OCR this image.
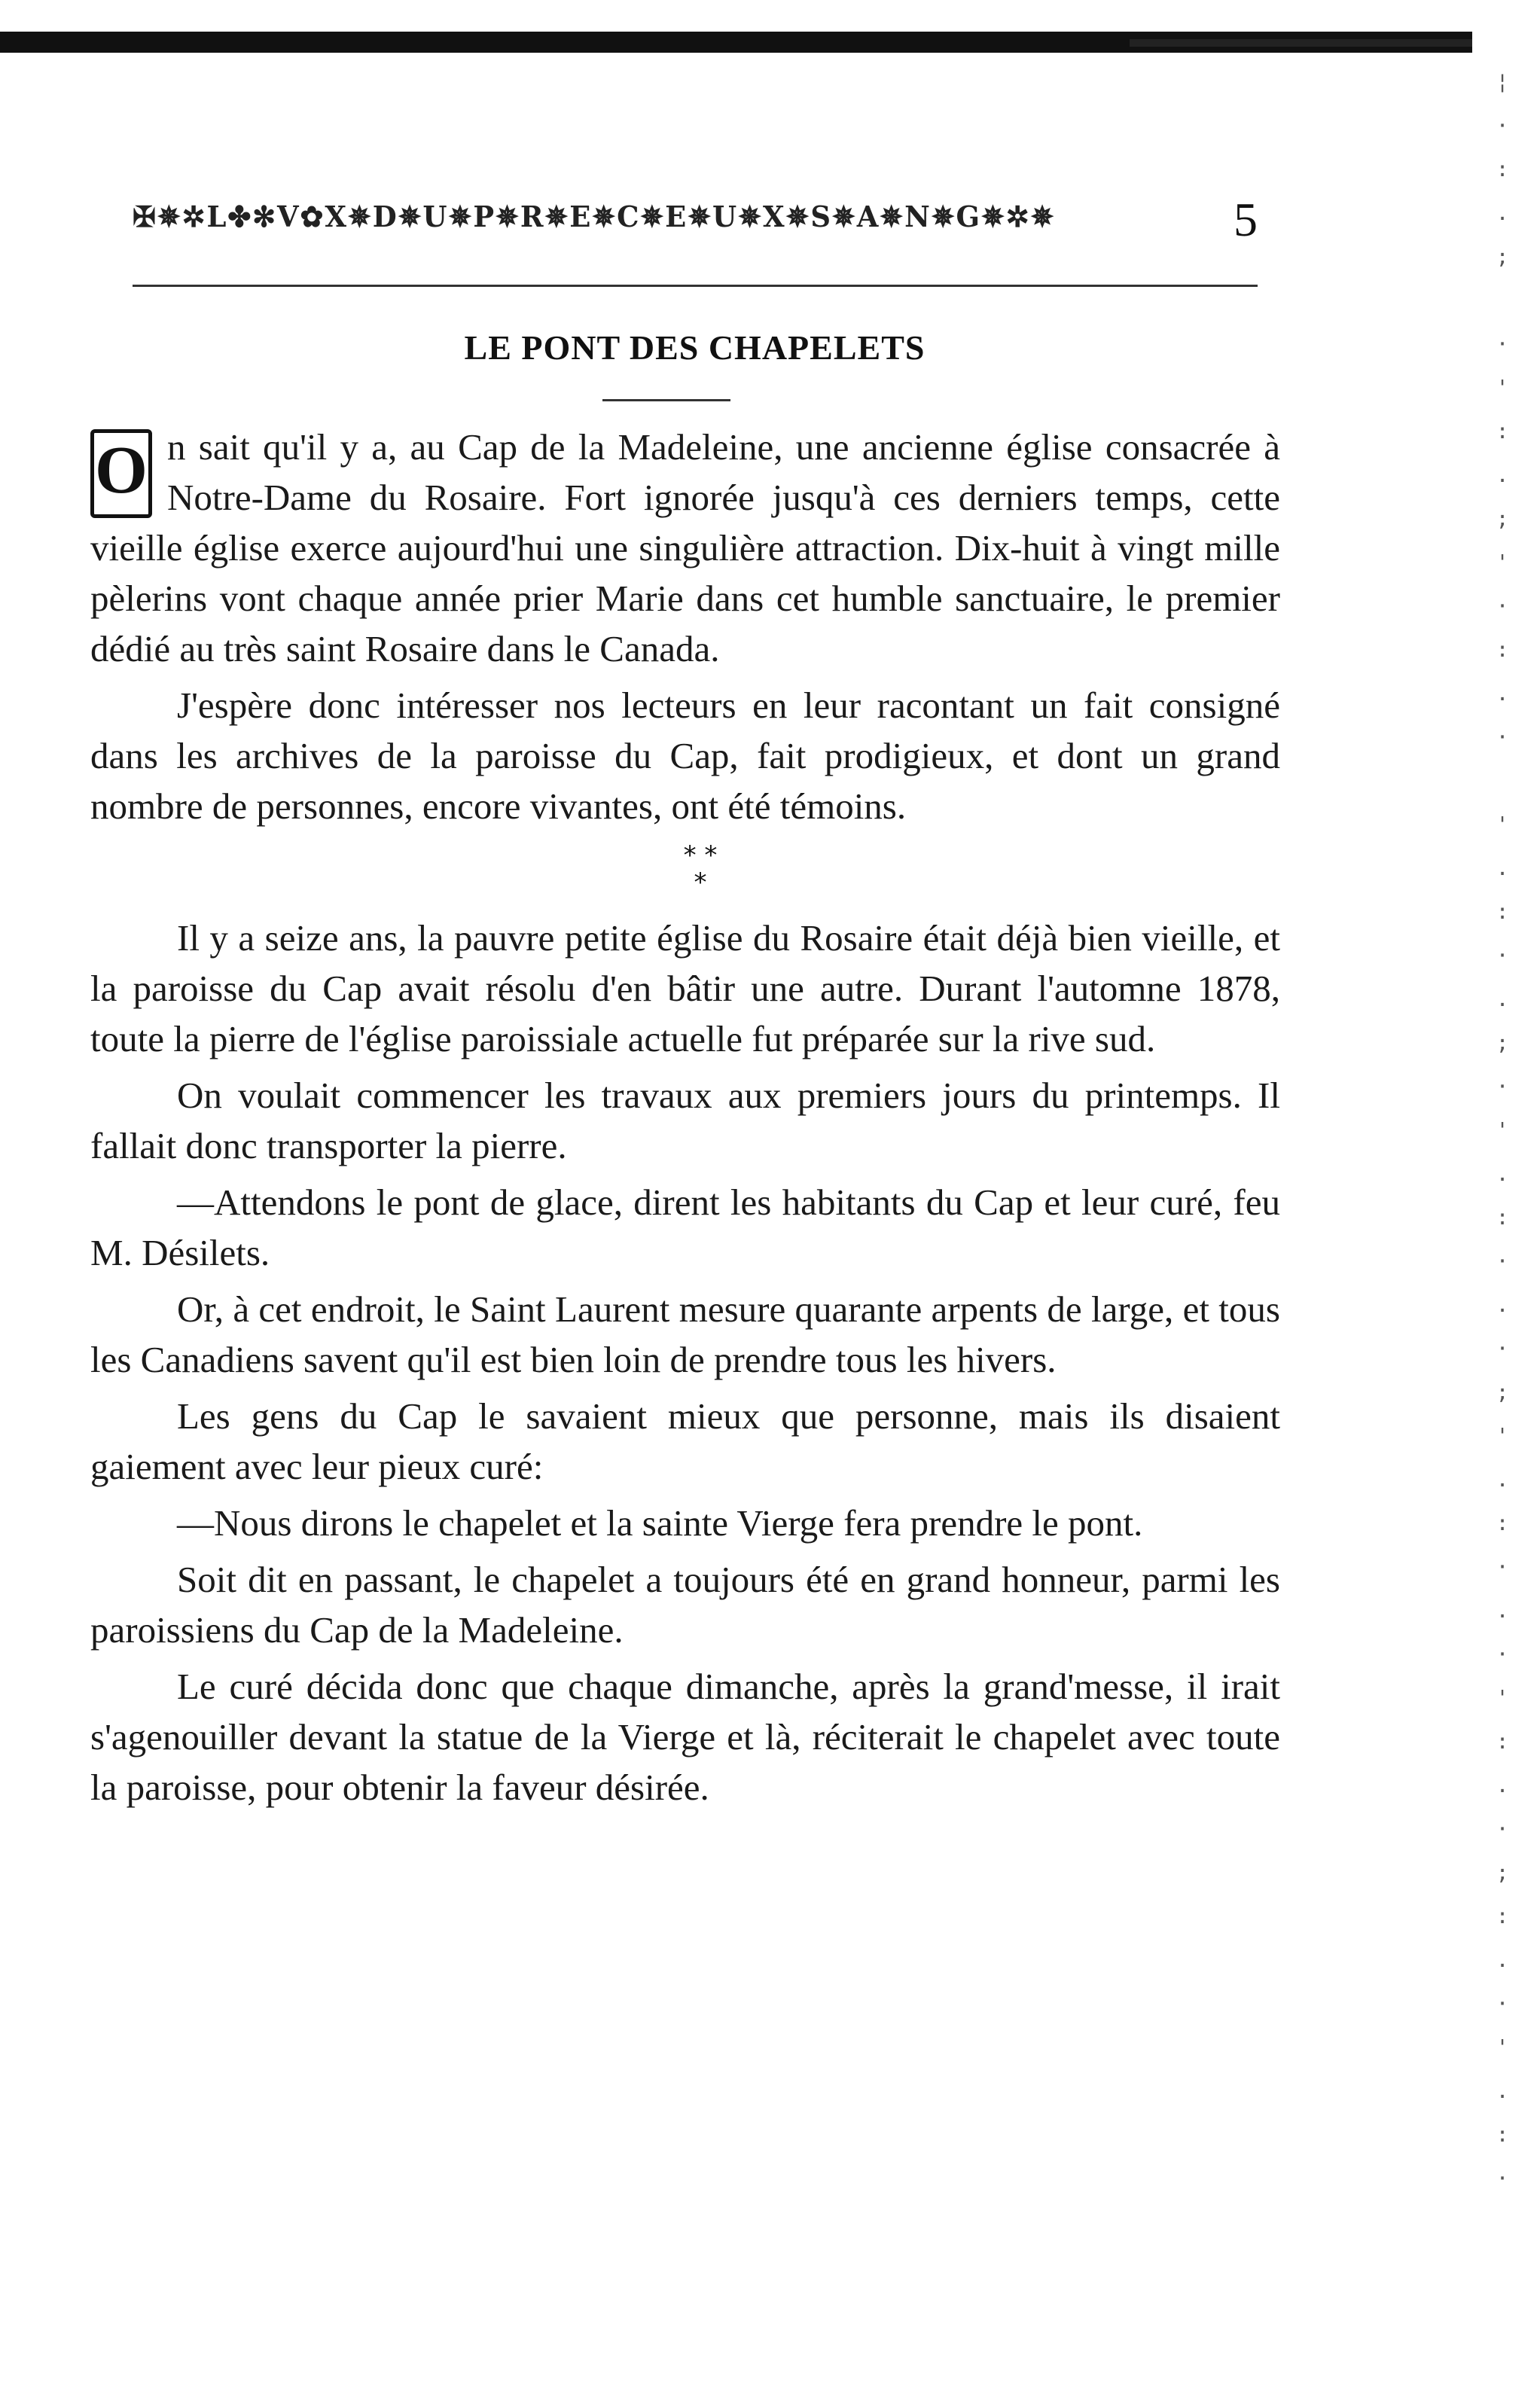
¦
·
:
.
;

·
'
:
.
;
'
·
:
.
·

'
.
:
·
.
;
·
'
.
:
·
.
·
;
'
.
:
·
.
·
'
:
.
·
;
:
.
·
'
.
:
·
✠✵✲L✤✻V✿X✵D✵U✵P✵R✵E✵C✵E✵U✵X✵S✵A✵N✵G✵✲✵	5
LE PONT DES CHAPELETS

O n sait qu'il y a, au Cap de la Madeleine, une ancienne église consacrée à Notre-Dame du Rosaire. Fort ignorée jusqu'à ces derniers temps, cette vieille église exerce aujourd'hui une singulière attraction. Dix-huit à vingt mille pèlerins vont chaque année prier Marie dans cet humble sanctuaire, le premier dédié au très saint Rosaire dans le Canada.

J'espère donc intéresser nos lecteurs en leur racontant un fait consigné dans les archives de la paroisse du Cap, fait prodigieux, et dont un grand nombre de personnes, encore vivantes, ont été témoins.

* *
*

Il y a seize ans, la pauvre petite église du Rosaire était déjà bien vieille, et la paroisse du Cap avait résolu d'en bâtir une autre. Durant l'automne 1878, toute la pierre de l'église paroissiale actuelle fut préparée sur la rive sud.

On voulait commencer les travaux aux premiers jours du printemps. Il fallait donc transporter la pierre.

—Attendons le pont de glace, dirent les habitants du Cap et leur curé, feu M. Désilets.

Or, à cet endroit, le Saint Laurent mesure quarante arpents de large, et tous les Canadiens savent qu'il est bien loin de prendre tous les hivers.

Les gens du Cap le savaient mieux que personne, mais ils disaient gaiement avec leur pieux curé:

—Nous dirons le chapelet et la sainte Vierge fera prendre le pont.

Soit dit en passant, le chapelet a toujours été en grand honneur, parmi les paroissiens du Cap de la Madeleine.

Le curé décida donc que chaque dimanche, après la grand'messe, il irait s'agenouiller devant la statue de la Vierge et là, réciterait le chapelet avec toute la paroisse, pour obtenir la faveur désirée.
